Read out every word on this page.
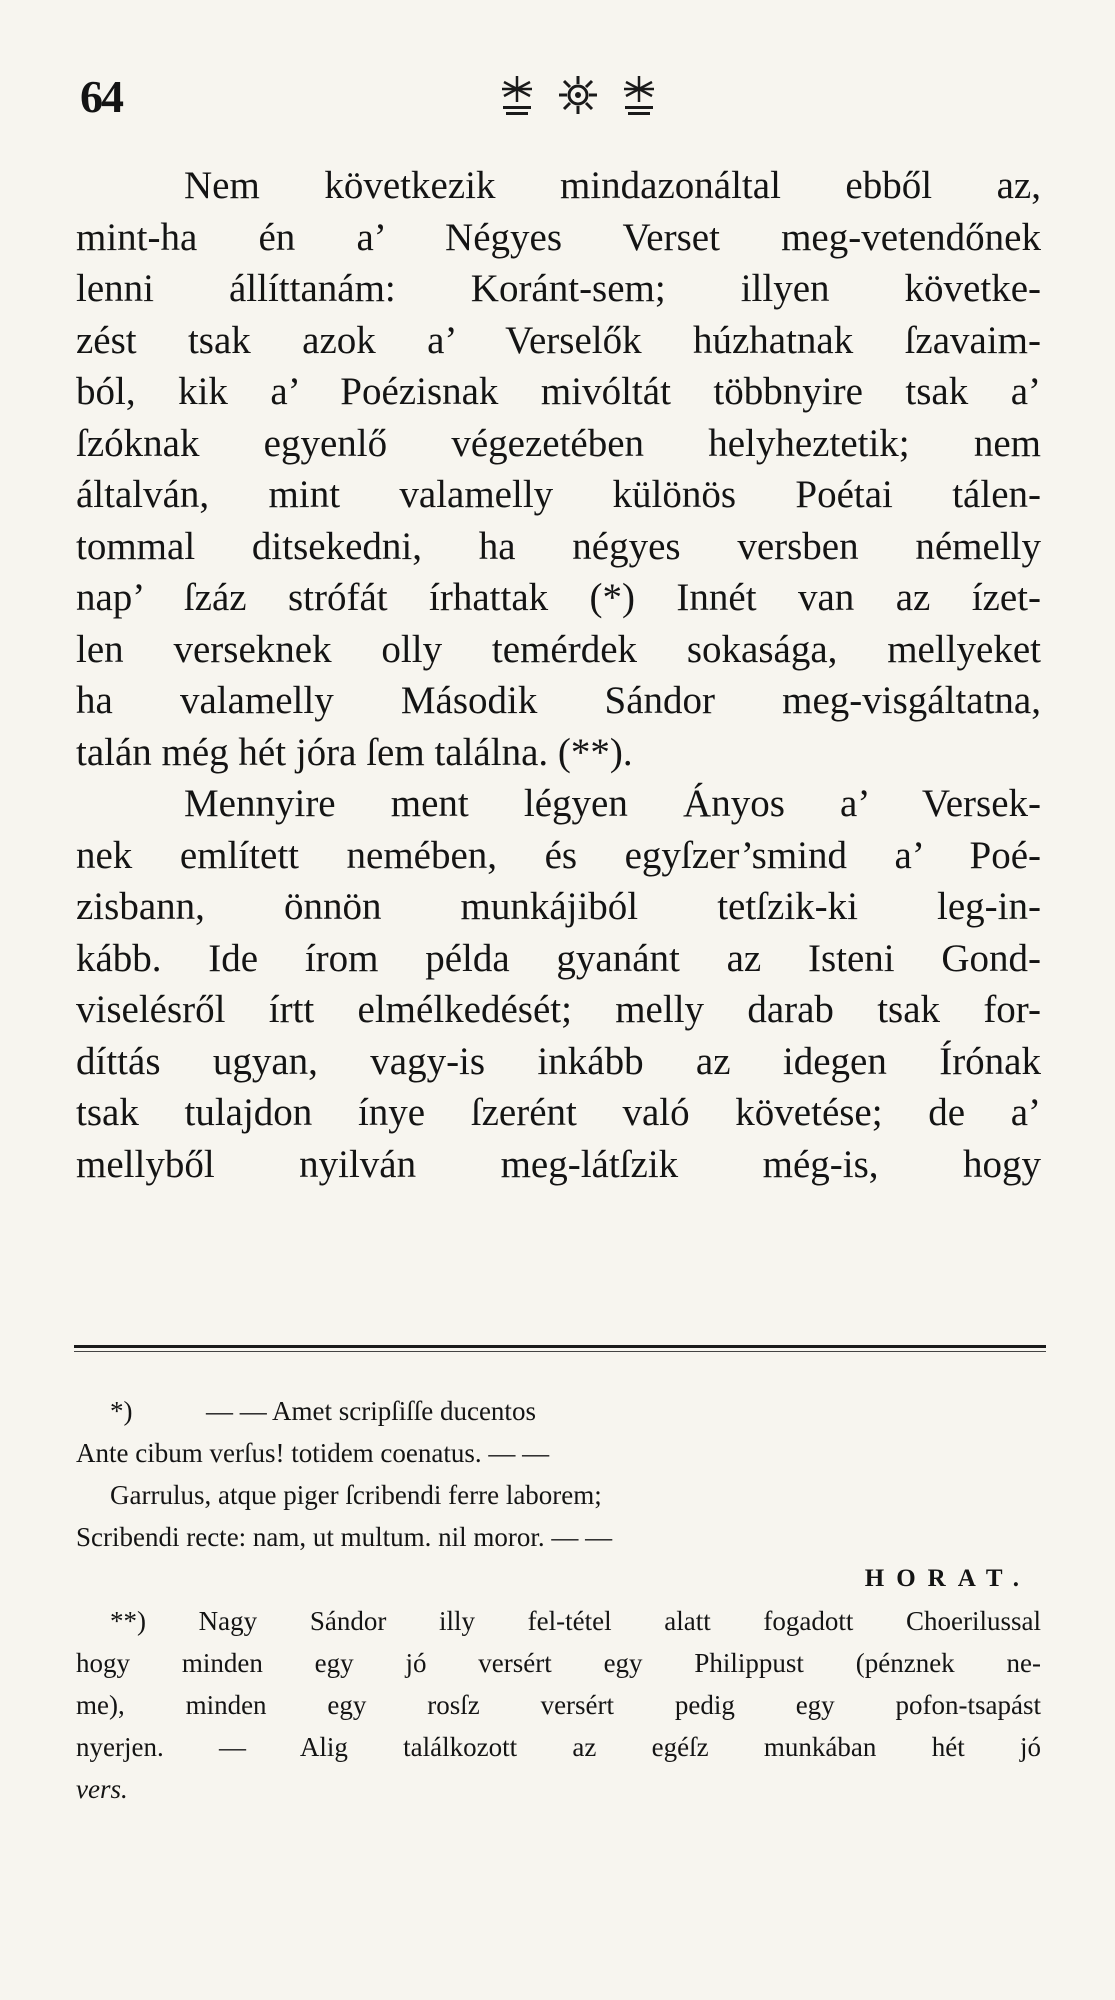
64
Nem következik mindazonáltal ebből az,
mint-ha én a’ Négyes Verset meg-vetendőnek
lenni állíttanám: Koránt-sem; illyen követke-
zést tsak azok a’ Verselők húzhatnak ſzavaim-
ból, kik a’ Poézisnak mivóltát többnyire tsak a’
ſzóknak egyenlő végezetében helyheztetik; nem
általván, mint valamelly különös Poétai tálen-
tommal ditsekedni, ha négyes versben némelly
nap’ ſzáz strófát írhattak (*) Innét van az ízet-
len verseknek olly temérdek sokasága, mellyeket
ha valamelly Második Sándor meg-visgáltatna,
talán még hét jóra ſem találna. (**).
Mennyire ment légyen Ányos a’ Versek-
nek említett nemében, és egyſzer’smind a’ Poé-
zisbann, önnön munkájiból tetſzik-ki leg-in-
kább. Ide írom példa gyanánt az Isteni Gond-
viselésről írtt elmélkedését; melly darab tsak for-
díttás ugyan, vagy-is inkább az idegen Írónak
tsak tulajdon ínye ſzerént való követése; de a’
mellyből nyilván meg-látſzik még-is, hogy
*)	— — Amet scripſiſſe ducentos
Ante cibum verſus! totidem coenatus. — —
Garrulus, atque piger ſcribendi ferre laborem;
Scribendi recte: nam, ut multum. nil moror. — —
HORAT.
**) Nagy Sándor illy fel-tétel alatt fogadott Choerilussal
hogy minden egy jó versért egy Philippust (pénznek ne-
me), minden egy rosſz versért pedig egy pofon-tsapást
nyerjen. — Alig találkozott az egéſz munkában hét jó
vers.
